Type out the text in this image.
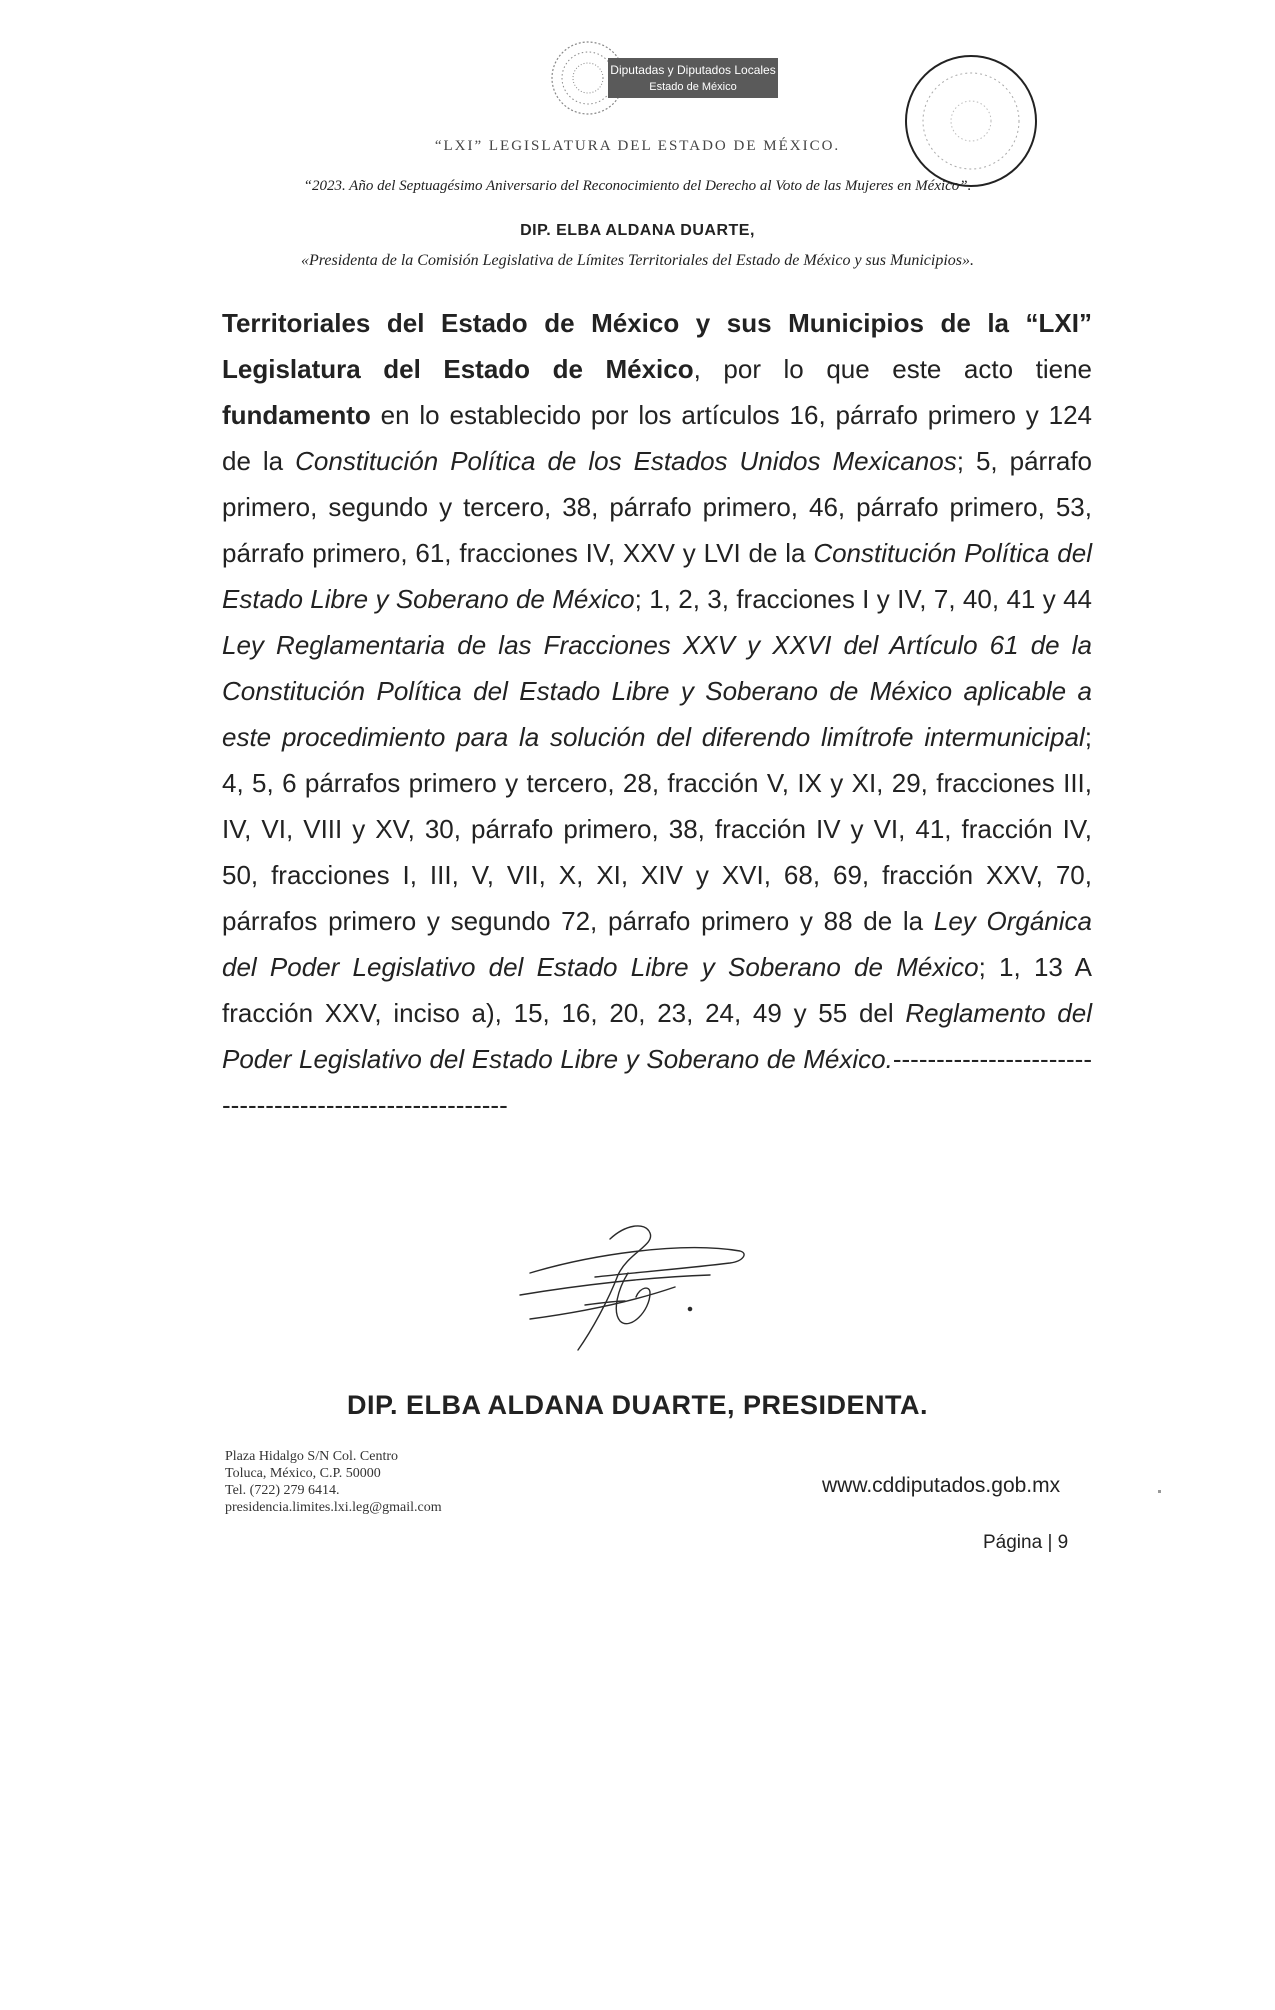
Diputadas y Diputados Locales
Estado de México
“LXI” LEGISLATURA DEL ESTADO DE MÉXICO.
“2023. Año del Septuagésimo Aniversario del Reconocimiento del Derecho al Voto de las Mujeres en México”.
DIP. ELBA ALDANA DUARTE,
«Presidenta de la Comisión Legislativa de Límites Territoriales del Estado de México y sus Municipios».
Territoriales del Estado de México y sus Municipios de la “LXI” Legislatura del Estado de México, por lo que este acto tiene fundamento en lo establecido por los artículos 16, párrafo primero y 124 de la Constitución Política de los Estados Unidos Mexicanos; 5, párrafo primero, segundo y tercero, 38, párrafo primero, 46, párrafo primero, 53, párrafo primero, 61, fracciones IV, XXV y LVI de la Constitución Política del Estado Libre y Soberano de México; 1, 2, 3, fracciones I y IV, 7, 40, 41 y 44 Ley Reglamentaria de las Fracciones XXV y XXVI del Artículo 61 de la Constitución Política del Estado Libre y Soberano de México aplicable a este procedimiento para la solución del diferendo limítrofe intermunicipal; 4, 5, 6 párrafos primero y tercero, 28, fracción V, IX y XI, 29, fracciones III, IV, VI, VIII y XV, 30, párrafo primero, 38, fracción IV y VI, 41, fracción IV, 50, fracciones I, III, V, VII, X, XI, XIV y XVI, 68, 69, fracción XXV, 70, párrafos primero y segundo 72, párrafo primero y 88 de la Ley Orgánica del Poder Legislativo del Estado Libre y Soberano de México; 1, 13 A fracción XXV, inciso a), 15, 16, 20, 23, 24, 49 y 55 del Reglamento del Poder Legislativo del Estado Libre y Soberano de México.--------------------------------------------------------
DIP. ELBA ALDANA DUARTE, PRESIDENTA.
Plaza Hidalgo S/N Col. Centro
Toluca, México, C.P. 50000
Tel. (722) 279 6414.
presidencia.limites.lxi.leg@gmail.com
www.cddiputados.gob.mx
Página | 9
